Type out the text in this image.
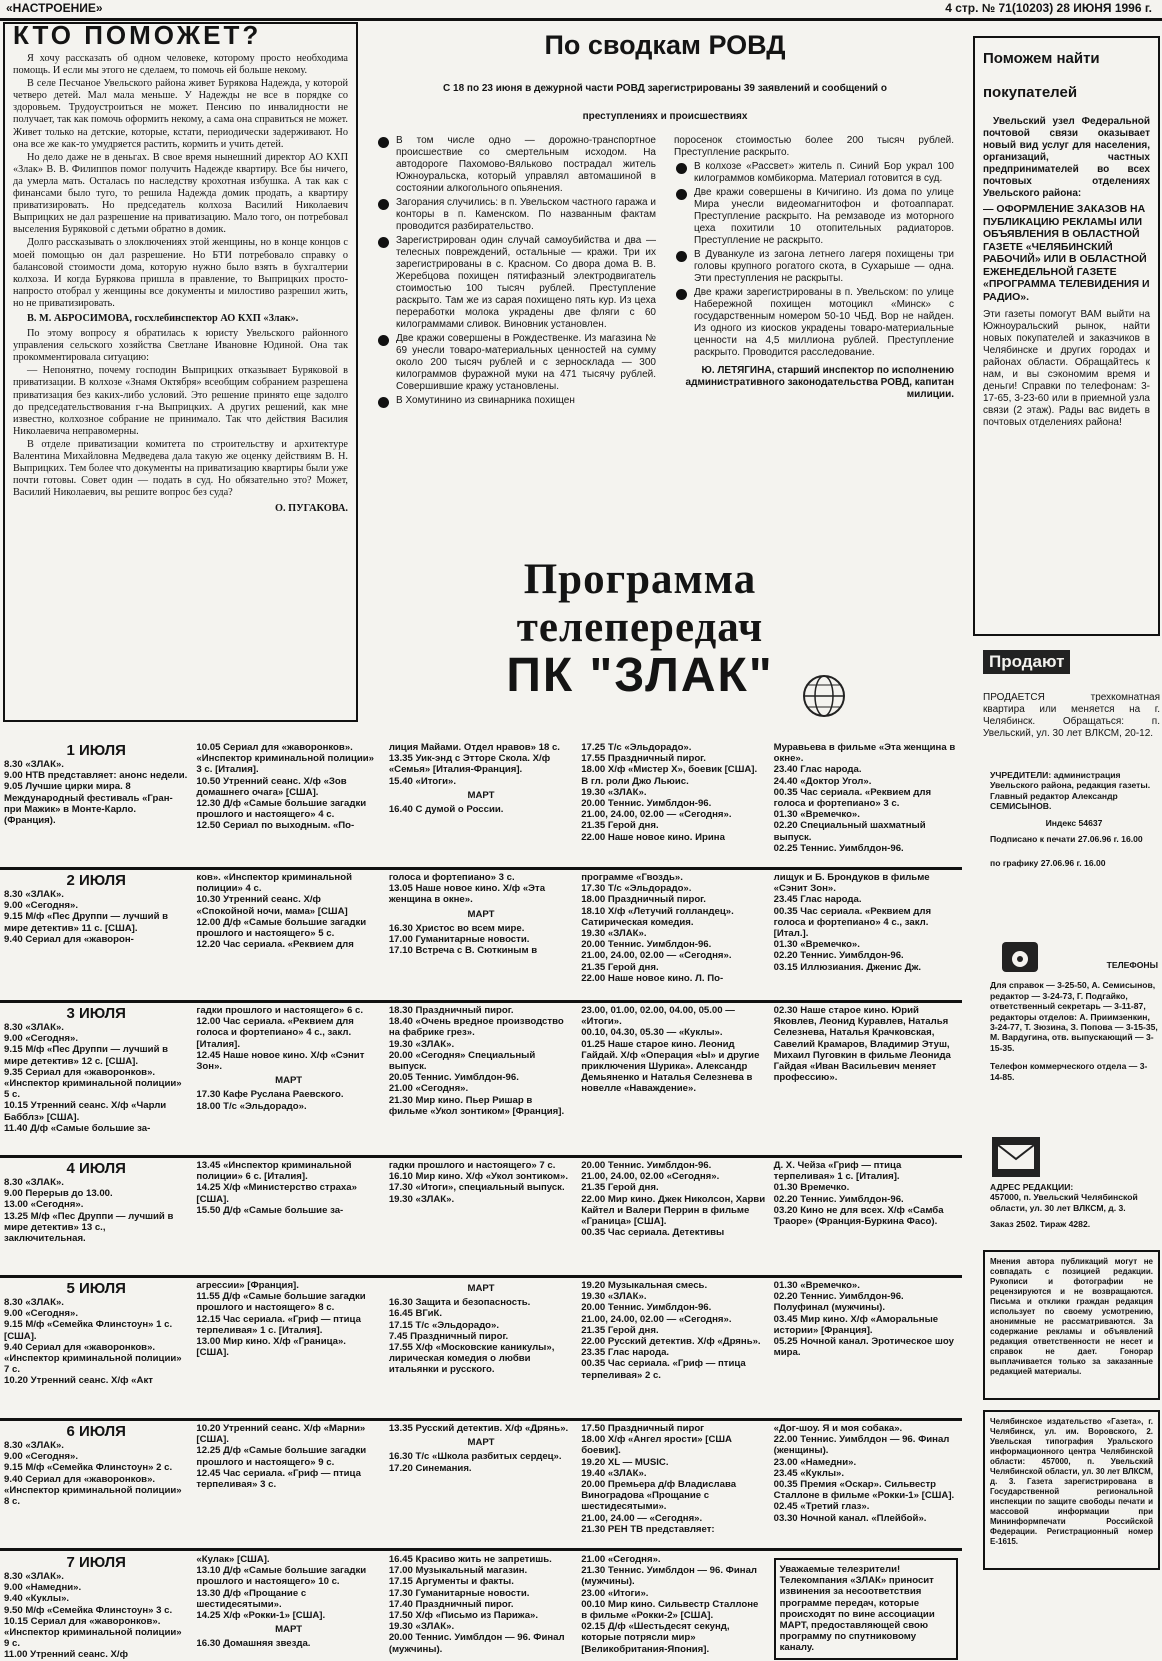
«НАСТРОЕНИЕ»	4 стр. № 71(10203) 28 ИЮНЯ 1996 г.
КТО ПОМОЖЕТ?

Я хочу рассказать об одном человеке, которому просто необходима помощь. И если мы этого не сделаем, то помочь ей больше некому.

В селе Песчаное Увельского района живет Бурякова Надежда, у которой четверо детей. Мал мала меньше. У Надежды не все в порядке со здоровьем. Трудоустроиться не может. Пенсию по инвалидности не получает, так как помочь оформить некому, а сама она справиться не может. Живет только на детские, которые, кстати, периодически задерживают. Но она все же как-то умудряется растить, кормить и учить детей.

Но дело даже не в деньгах. В свое время нынешний директор АО КХП «Злак» В. В. Филиппов помог получить Надежде квартиру. Все бы ничего, да умерла мать. Осталась по наследству крохотная избушка. А так как с финансами было туго, то решила Надежда домик продать, а квартиру приватизировать. Но председатель колхоза Василий Николаевич Выприцких не дал разрешение на приватизацию. Мало того, он потребовал выселения Буряковой с детьми обратно в домик.

Долго рассказывать о злоключениях этой женщины, но в конце концов с моей помощью он дал разрешение. Но БТИ потребовало справку о балансовой стоимости дома, которую нужно было взять в бухгалтерии колхоза. И когда Бурякова пришла в правление, то Выприцких просто-напросто отобрал у женщины все документы и милостиво разрешил жить, но не приватизировать.

В. М. АБРОСИМОВА, госхлебинспектор АО КХП «Злак».

По этому вопросу я обратилась к юристу Увельского районного управления сельского хозяйства Светлане Ивановне Юдиной. Она так прокомментировала ситуацию:

— Непонятно, почему господин Выприцких отказывает Буряковой в приватизации. В колхозе «Знамя Октября» всеобщим собранием разрешена приватизация без каких-либо условий. Это решение принято еще задолго до председательствования г-на Выприцких. А других решений, как мне известно, колхозное собрание не принимало. Так что действия Василия Николаевича неправомерны.

В отделе приватизации комитета по строительству и архитектуре Валентина Михайловна Медведева дала такую же оценку действиям В. Н. Выприцких. Тем более что документы на приватизацию квартиры были уже почти готовы. Совет один — подать в суд. Но обязательно это? Может, Василий Николаевич, вы решите вопрос без суда?

О. ПУГАКОВА.

По сводкам РОВД
С 18 по 23 июня в дежурной части РОВД зарегистрированы 39 заявлений и сообщений о
преступлениях и происшествиях
В том числе одно — дорожно-транспортное происшествие со смертельным исходом. На автодороге Пахомово-Вяльково пострадал житель Южноуральска, который управлял автомашиной в состоянии алкогольного опьянения.
Загорания случились: в п. Увельском частного гаража и конторы в п. Каменском. По названным фактам проводится разбирательство.
Зарегистрирован один случай самоубийства и два — телесных повреждений, остальные — кражи. Три их зарегистрированы в с. Красном. Со двора дома В. В. Жеребцова похищен пятифазный электродвигатель стоимостью 100 тысяч рублей. Преступление раскрыто. Там же из сарая похищено пять кур. Из цеха переработки молока украдены две фляги с 60 килограммами сливок. Виновник установлен.
Две кражи совершены в Рождественке. Из магазина № 69 унесли товаро-материальных ценностей на сумму около 200 тысяч рублей и с зерносклада — 300 килограммов фуражной муки на 471 тысячу рублей. Совершившие кражу установлены.
В Хомутинино из свинарника похищен
поросенок стоимостью более 200 тысяч рублей. Преступление раскрыто.
В колхозе «Рассвет» житель п. Синий Бор украл 100 килограммов комбикорма. Материал готовится в суд.
Две кражи совершены в Кичигино. Из дома по улице Мира унесли видеомагнитофон и фотоаппарат. Преступление раскрыто. На ремзаводе из моторного цеха похитили 10 отопительных радиаторов. Преступление не раскрыто.
В Дуванкуле из загона летнего лагеря похищены три головы крупного рогатого скота, в Сухарыше — одна. Эти преступления не раскрыты.
Две кражи зарегистрированы в п. Увельском: по улице Набережной похищен мотоцикл «Минск» с государственным номером 50-10 ЧБД. Вор не найден. Из одного из киосков украдены товаро-материальные ценности на 4,5 миллиона рублей. Преступление раскрыто. Проводится расследование.
Ю. ЛЕТЯГИНА, старший инспектор по исполнению административного законодательства РОВД, капитан милиции.
Программа
телепередач
ПК "ЗЛАК"
Поможем найти покупателей
Увельский узел Федеральной почтовой связи оказывает новый вид услуг для населения, организаций, частных предпринимателей во всех почтовых отделениях Увельского района:
— ОФОРМЛЕНИЕ ЗАКАЗОВ НА ПУБЛИКАЦИЮ РЕКЛАМЫ ИЛИ ОБЪЯВЛЕНИЯ В ОБЛАСТНОЙ ГАЗЕТЕ «ЧЕЛЯБИНСКИЙ РАБОЧИЙ» ИЛИ В ОБЛАСТНОЙ ЕЖЕНЕДЕЛЬНОЙ ГАЗЕТЕ «ПРОГРАММА ТЕЛЕВИДЕНИЯ И РАДИО».
Эти газеты помогут ВАМ выйти на Южноуральский рынок, найти новых покупателей и заказчиков в Челябинске и других городах и районах области. Обращайтесь к нам, и вы сэкономим время и деньги! Справки по телефонам: 3-17-65, 3-23-60 или в приемной узла связи (2 этаж). Рады вас видеть в почтовых отделениях района!
Продают
ПРОДАЕТСЯ трехкомнатная квартира или меняется на г. Челябинск. Обращаться: п. Увельский, ул. 30 лет ВЛКСМ, 20-12.
УЧРЕДИТЕЛИ: администрация Увельского района, редакция газеты. Главный редактор Александр СЕМИСЫНОВ.
Индекс 54637
Подписано к печати 27.06.96 г. 16.00
по графику 27.06.96 г. 16.00
ТЕЛЕФОНЫ
Для справок — 3-25-50, А. Семисынов, редактор — 3-24-73, Г. Подгайко, ответственный секретарь — 3-11-87, редакторы отделов: А. Приимзенкин, 3-24-77, Т. Зюзина, З. Попова — 3-15-35, М. Вардугина, отв. выпускающий — 3-15-35.
Телефон коммерческого отдела — 3-14-85.
АДРЕС РЕДАКЦИИ:
457000, п. Увельский Челябинской области, ул. 30 лет ВЛКСМ, д. 3.
Заказ 2502. Тираж 4282.
Мнения автора публикаций могут не совпадать с позицией редакции. Рукописи и фотографии не рецензируются и не возвращаются. Письма и отклики граждан редакция использует по своему усмотрению, анонимные не рассматриваются. За содержание рекламы и объявлений редакция ответственности не несет и справок не дает. Гонорар выплачивается только за заказанные редакцией материалы.
Челябинское издательство «Газета», г. Челябинск, ул. им. Воровского, 2. Увельская типография Уральского информационного центра Челябинской области: 457000, п. Увельский Челябинской области, ул. 30 лет ВЛКСМ, д. 3. Газета зарегистрирована в Государственной региональной инспекции по защите свободы печати и массовой информации при Мининформпечати Российской Федерации. Регистрационный номер Е-1615.
1 ИЮЛЯ
8.30 «ЗЛАК».
9.00 НТВ представляет: анонс недели.
9.05 Лучшие цирки мира. 8 Международный фестиваль «Гран-при Мажик» в Монте-Карло. (Франция).
10.05 Сериал для «жаворонков». «Инспектор криминальной полиции» 3 с. [Италия].
10.50 Утренний сеанс. Х/ф «Зов домашнего очага» [США].
12.30 Д/ф «Самые большие загадки прошлого и настоящего» 4 с.
12.50 Сериал по выходным. «По-
лиция Майами. Отдел нравов» 18 с.
13.35 Уик-энд с Этторе Скола. Х/ф «Семья» [Италия-Франция].
15.40 «Итоги».
МАРТ
16.40 С думой о России.
17.25 Т/с «Эльдорадо».
17.55 Праздничный пирог.
18.00 Х/ф «Мистер Х», боевик [США]. В гл. роли Джо Льюис.
19.30 «ЗЛАК».
20.00 Теннис. Уимблдон-96.
21.00, 24.00, 02.00 — «Сегодня».
21.35 Герой дня.
22.00 Наше новое кино. Ирина
Муравьева в фильме «Эта женщина в окне».
23.40 Глас народа.
24.40 «Доктор Угол».
00.35 Час сериала. «Реквием для голоса и фортепиано» 3 с.
01.30 «Времечко».
02.20 Специальный шахматный выпуск.
02.25 Теннис. Уимблдон-96.
2 ИЮЛЯ
8.30 «ЗЛАК».
9.00 «Сегодня».
9.15 М/ф «Пес Друппи — лучший в мире детектив» 11 с. [США].
9.40 Сериал для «жаворон-
ков». «Инспектор криминальной полиции» 4 с.
10.30 Утренний сеанс. Х/ф «Спокойной ночи, мама» [США]
12.00 Д/ф «Самые большие загадки прошлого и настоящего» 5 с.
12.20 Час сериала. «Реквием для
голоса и фортепиано» 3 с.
13.05 Наше новое кино. Х/ф «Эта женщина в окне».
МАРТ
16.30 Христос во всем мире.
17.00 Гуманитарные новости.
17.10 Встреча с В. Сюткиным в
программе «Гвоздь».
17.30 Т/с «Эльдорадо».
18.00 Праздничный пирог.
18.10 Х/ф «Летучий голландец». Сатирическая комедия.
19.30 «ЗЛАК».
20.00 Теннис. Уимблдон-96.
21.00, 24.00, 02.00 — «Сегодня».
21.35 Герой дня.
22.00 Наше новое кино. Л. По-
лищук и Б. Брондуков в фильме «Сэнит Зон».
23.45 Глас народа.
00.35 Час сериала. «Реквием для голоса и фортепиано» 4 с., закл. [Итал.].
01.30 «Времечко».
02.20 Теннис. Уимблдон-96.
03.15 Иллюзиания. Дженис Дж.
3 ИЮЛЯ
8.30 «ЗЛАК».
9.00 «Сегодня».
9.15 М/ф «Пес Друппи — лучший в мире детектив» 12 с. [США].
9.35 Сериал для «жаворонков». «Инспектор криминальной полиции» 5 с.
10.15 Утренний сеанс. Х/ф «Чарли Бабблз» [США].
11.40 Д/ф «Самые большие за-
гадки прошлого и настоящего» 6 с.
12.00 Час сериала. «Реквием для голоса и фортепиано» 4 с., закл. [Италия].
12.45 Наше новое кино. Х/ф «Сэнит Зон».
МАРТ
17.30 Кафе Руслана Раевского.
18.00 Т/с «Эльдорадо».
18.30 Праздничный пирог.
18.40 «Очень вредное производство на фабрике грез».
19.30 «ЗЛАК».
20.00 «Сегодня» Специальный выпуск.
20.05 Теннис. Уимблдон-96.
21.00 «Сегодня».
21.30 Мир кино. Пьер Ришар в фильме «Укол зонтиком» [Франция].
23.00, 01.00, 02.00, 04.00, 05.00 — «Итоги».
00.10, 04.30, 05.30 — «Куклы».
01.25 Наше старое кино. Леонид Гайдай. Х/ф «Операция «Ы» и другие приключения Шурика». Александр Демьяненко и Наталья Селезнева в новелле «Наваждение».
02.30 Наше старое кино. Юрий Яковлев, Леонид Куравлев, Наталья Селезнева, Наталья Крачковская, Савелий Крамаров, Владимир Этуш, Михаил Пуговкин в фильме Леонида Гайдая «Иван Васильевич меняет профессию».
4 ИЮЛЯ
8.30 «ЗЛАК».
9.00 Перерыв до 13.00.
13.00 «Сегодня».
13.25 М/ф «Пес Друппи — лучший в мире детектив» 13 с., заключительная.
13.45 «Инспектор криминальной полиции» 6 с. [Италия].
14.25 Х/ф «Министерство страха» [США].
15.50 Д/ф «Самые большие за-
гадки прошлого и настоящего» 7 с.
16.10 Мир кино. Х/ф «Укол зонтиком».
17.30 «Итоги», специальный выпуск.
19.30 «ЗЛАК».
20.00 Теннис. Уимблдон-96.
21.00, 24.00, 02.00 «Сегодня».
21.35 Герой дня.
22.00 Мир кино. Джек Николсон, Харви Кайтел и Валери Перрин в фильме «Граница» [США].
00.35 Час сериала. Детективы
Д. Х. Чейза «Гриф — птица терпеливая» 1 с. [Италия].
01.30 Времечко.
02.20 Теннис. Уимблдон-96.
03.20 Кино не для всех. Х/ф «Самба Траоре» (Франция-Буркина Фасо).
5 ИЮЛЯ
8.30 «ЗЛАК».
9.00 «Сегодня».
9.15 М/ф «Семейка Флинстоун» 1 с. [США].
9.40 Сериал для «жаворонков». «Инспектор криминальной полиции» 7 с.
10.20 Утренний сеанс. Х/ф «Акт
агрессии» [Франция].
11.55 Д/ф «Самые большие загадки прошлого и настоящего» 8 с.
12.15 Час сериала. «Гриф — птица терпеливая» 1 с. [Италия].
13.00 Мир кино. Х/ф «Граница». [США].
МАРТ
16.30 Защита и безопасность.
16.45 ВГиК.
17.15 Т/с «Эльдорадо».
7.45 Праздничный пирог.
17.55 Х/ф «Московские каникулы», лирическая комедия о любви итальянки и русского.
19.20 Музыкальная смесь.
19.30 «ЗЛАК».
20.00 Теннис. Уимблдон-96.
21.00, 24.00, 02.00 — «Сегодня».
21.35 Герой дня.
22.00 Русский детектив. Х/ф «Дрянь».
23.35 Глас народа.
00.35 Час сериала. «Гриф — птица терпеливая» 2 с.
01.30 «Времечко».
02.20 Теннис. Уимблдон-96. Полуфинал (мужчины).
03.45 Мир кино. Х/ф «Аморальные истории» [Франция].
05.25 Ночной канал. Эротическое шоу мира.
6 ИЮЛЯ
8.30 «ЗЛАК».
9.00 «Сегодня».
9.15 М/ф «Семейка Флинстоун» 2 с.
9.40 Сериал для «жаворонков». «Инспектор криминальной полиции» 8 с.
10.20 Утренний сеанс. Х/ф «Марни» [США].
12.25 Д/ф «Самые большие загадки прошлого и настоящего» 9 с.
12.45 Час сериала. «Гриф — птица терпеливая» 3 с.
13.35 Русский детектив. Х/ф «Дрянь».
МАРТ
16.30 Т/с «Школа разбитых сердец».
17.20 Синемания.
17.50 Праздничный пирог
18.00 Х/ф «Ангел ярости» [США боевик].
19.20 XL — MUSIC.
19.40 «ЗЛАК».
20.00 Премьера д/ф Владислава Виноградова «Прощание с шестидесятыми».
21.00, 24.00 — «Сегодня».
21.30 РЕН ТВ представляет:
«Дог-шоу. Я и моя собака».
22.00 Теннис. Уимблдон — 96. Финал (женщины).
23.00 «Намедни».
23.45 «Куклы».
00.35 Премия «Оскар». Сильвестр Сталлоне в фильме «Рокки-1» [США].
02.45 «Третий глаз».
03.30 Ночной канал. «Плейбой».
7 ИЮЛЯ
8.30 «ЗЛАК».
9.00 «Намедни».
9.40 «Куклы».
9.50 М/ф «Семейка Флинстоун» 3 с.
10.15 Сериал для «жаворонков». «Инспектор криминальной полиции» 9 с.
11.00 Утренний сеанс. Х/ф
«Кулак» [США].
13.10 Д/ф «Самые большие загадки прошлого и настоящего» 10 с.
13.30 Д/ф «Прощание с шестидесятыми».
14.25 Х/ф «Рокки-1» [США].
МАРТ
16.30 Домашняя звезда.
16.45 Красиво жить не запретишь.
17.00 Музыкальный магазин.
17.15 Аргументы и факты.
17.30 Гуманитарные новости.
17.40 Праздничный пирог.
17.50 Х/ф «Письмо из Парижа».
19.30 «ЗЛАК».
20.00 Теннис. Уимблдон — 96. Финал (мужчины).
21.00 «Сегодня».
21.30 Теннис. Уимблдон — 96. Финал (мужчины).
23.00 «Итоги».
00.10 Мир кино. Сильвестр Сталлоне в фильме «Рокки-2» [США].
02.15 Д/ф «Шестьдесят секунд, которые потрясли мир» [Великобритания-Япония].
Уважаемые телезрители! Телекомпания «ЗЛАК» приносит извинения за несоответствия программе передач, которые происходят по вине ассоциации МАРТ, предоставляющей свою программу по спутниковому каналу.
